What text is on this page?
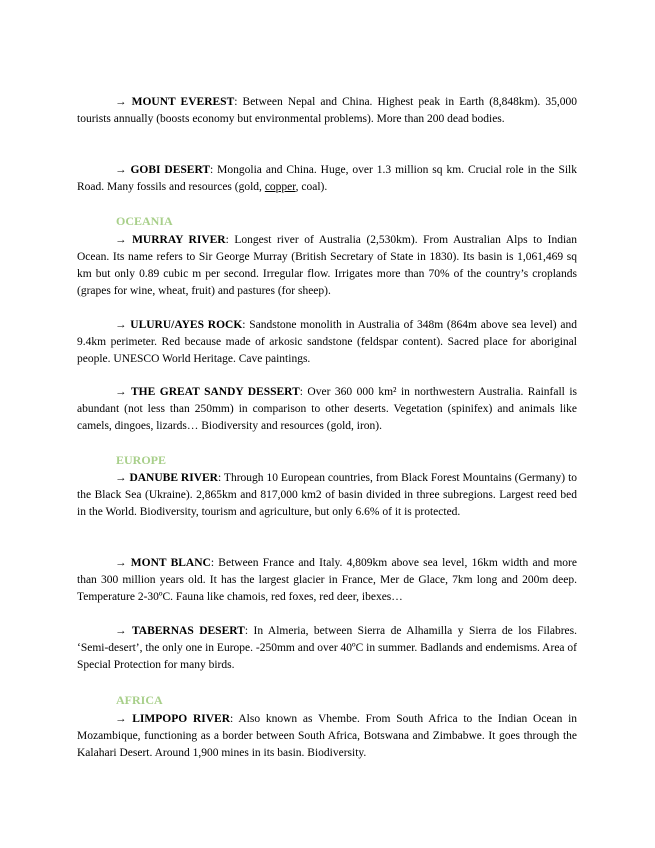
→ MOUNT EVEREST: Between Nepal and China. Highest peak in Earth (8,848km). 35,000 tourists annually (boosts economy but environmental problems). More than 200 dead bodies.

→ GOBI DESERT: Mongolia and China. Huge, over 1.3 million sq km. Crucial role in the Silk Road. Many fossils and resources (gold, copper, coal).

OCEANIA

→ MURRAY RIVER: Longest river of Australia (2,530km). From Australian Alps to Indian Ocean. Its name refers to Sir George Murray (British Secretary of State in 1830). Its basin is 1,061,469 sq km but only 0.89 cubic m per second. Irregular flow. Irrigates more than 70% of the country’s croplands (grapes for wine, wheat, fruit) and pastures (for sheep).

→ ULURU/AYES ROCK: Sandstone monolith in Australia of 348m (864m above sea level) and 9.4km perimeter. Red because made of arkosic sandstone (feldspar content). Sacred place for aboriginal people. UNESCO World Heritage. Cave paintings.

→ THE GREAT SANDY DESSERT: Over 360 000 km² in northwestern Australia. Rainfall is abundant (not less than 250mm) in comparison to other deserts. Vegetation (spinifex) and animals like camels, dingoes, lizards… Biodiversity and resources (gold, iron).

EUROPE

→ DANUBE RIVER: Through 10 European countries, from Black Forest Mountains (Germany) to the Black Sea (Ukraine). 2,865km and 817,000 km2 of basin divided in three subregions. Largest reed bed in the World. Biodiversity, tourism and agriculture, but only 6.6% of it is protected.

→ MONT BLANC: Between France and Italy. 4,809km above sea level, 16km width and more than 300 million years old. It has the largest glacier in France, Mer de Glace, 7km long and 200m deep. Temperature 2-30ºC. Fauna like chamois, red foxes, red deer, ibexes…

→ TABERNAS DESERT: In Almeria, between Sierra de Alhamilla y Sierra de los Filabres. ‘Semi-desert’, the only one in Europe. -250mm and over 40ºC in summer. Badlands and endemisms. Area of Special Protection for many birds.

AFRICA

→ LIMPOPO RIVER: Also known as Vhembe. From South Africa to the Indian Ocean in Mozambique, functioning as a border between South Africa, Botswana and Zimbabwe. It goes through the Kalahari Desert. Around 1,900 mines in its basin. Biodiversity.
